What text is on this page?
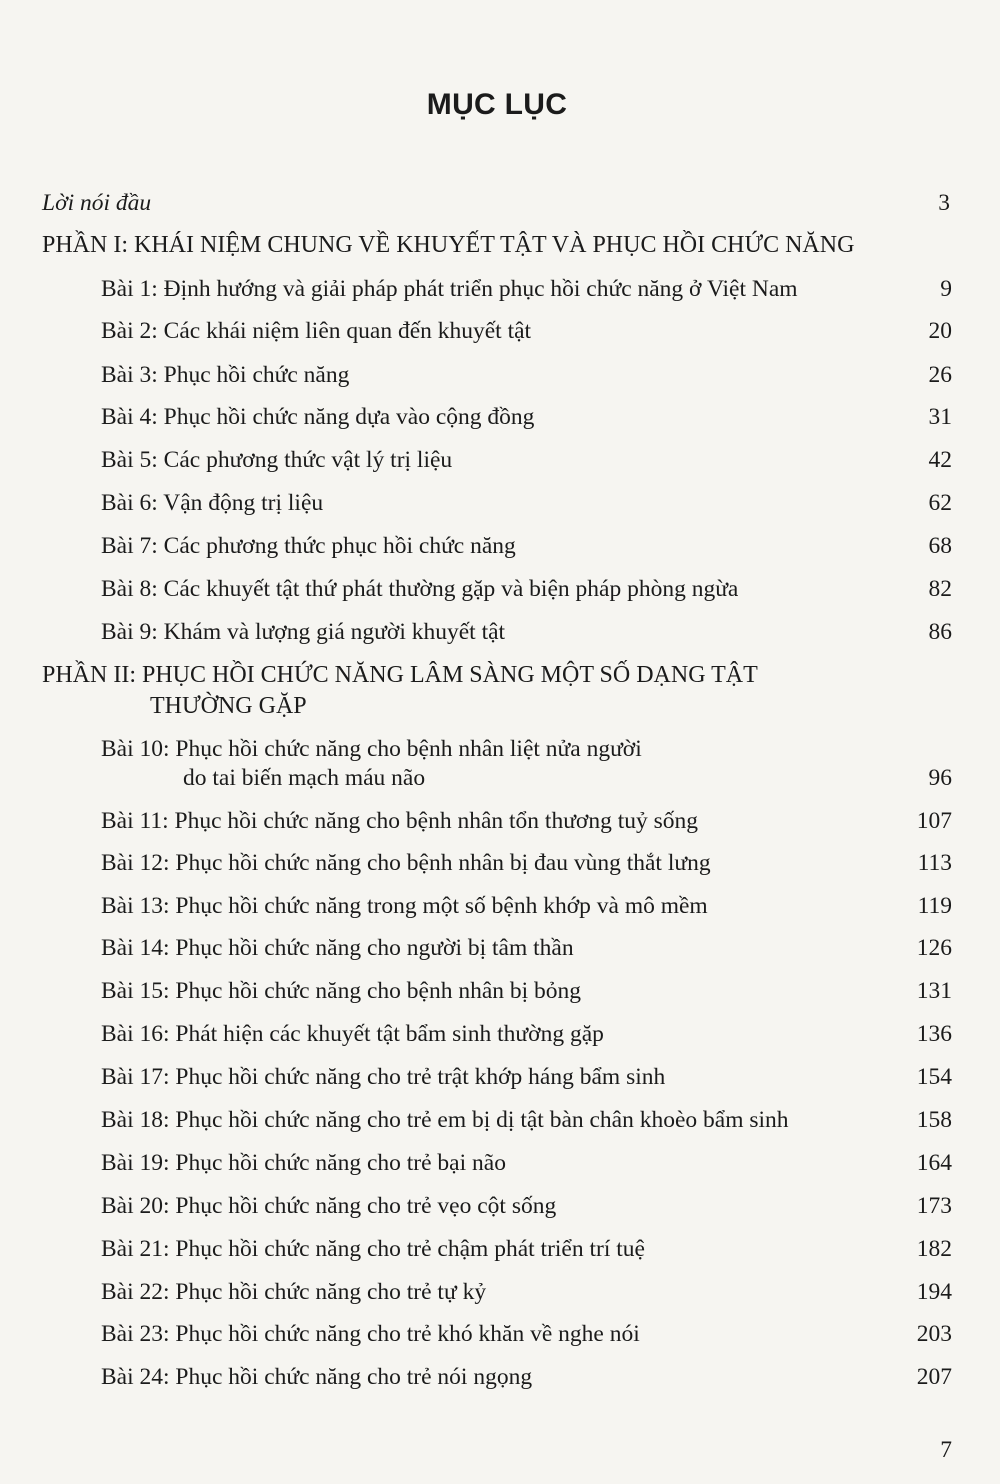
MỤC LỤC
Lời nói đầu	3
PHẦN I: KHÁI NIỆM CHUNG VỀ KHUYẾT TẬT VÀ PHỤC HỒI CHỨC NĂNG
Bài 1: Định hướng và giải pháp phát triển phục hồi chức năng ở Việt Nam	9
Bài 2: Các khái niệm liên quan đến khuyết tật	20
Bài 3: Phục hồi chức năng	26
Bài 4: Phục hồi chức năng dựa vào cộng đồng	31
Bài 5: Các phương thức vật lý trị liệu	42
Bài 6: Vận động trị liệu	62
Bài 7: Các phương thức phục hồi chức năng	68
Bài 8: Các khuyết tật thứ phát thường gặp và biện pháp phòng ngừa	82
Bài 9: Khám và lượng giá người khuyết tật	86
PHẦN II: PHỤC HỒI CHỨC NĂNG LÂM SÀNG MỘT SỐ DẠNG TẬT
THƯỜNG GẶP
Bài 10: Phục hồi chức năng cho bệnh nhân liệt nửa người
do tai biến mạch máu não	96
Bài 11: Phục hồi chức năng cho bệnh nhân tổn thương tuỷ sống	107
Bài 12: Phục hồi chức năng cho bệnh nhân bị đau vùng thắt lưng	113
Bài 13: Phục hồi chức năng trong một số bệnh khớp và mô mềm	119
Bài 14: Phục hồi chức năng cho người bị tâm thần	126
Bài 15: Phục hồi chức năng cho bệnh nhân bị bỏng	131
Bài 16: Phát hiện các khuyết tật bẩm sinh thường gặp	136
Bài 17: Phục hồi chức năng cho trẻ trật khớp háng bẩm sinh	154
Bài 18: Phục hồi chức năng cho trẻ em bị dị tật bàn chân khoèo bẩm sinh	158
Bài 19: Phục hồi chức năng cho trẻ bại não	164
Bài 20: Phục hồi chức năng cho trẻ vẹo cột sống	173
Bài 21: Phục hồi chức năng cho trẻ chậm phát triển trí tuệ	182
Bài 22: Phục hồi chức năng cho trẻ tự kỷ	194
Bài 23: Phục hồi chức năng cho trẻ khó khăn về nghe nói	203
Bài 24: Phục hồi chức năng cho trẻ nói ngọng	207
7
